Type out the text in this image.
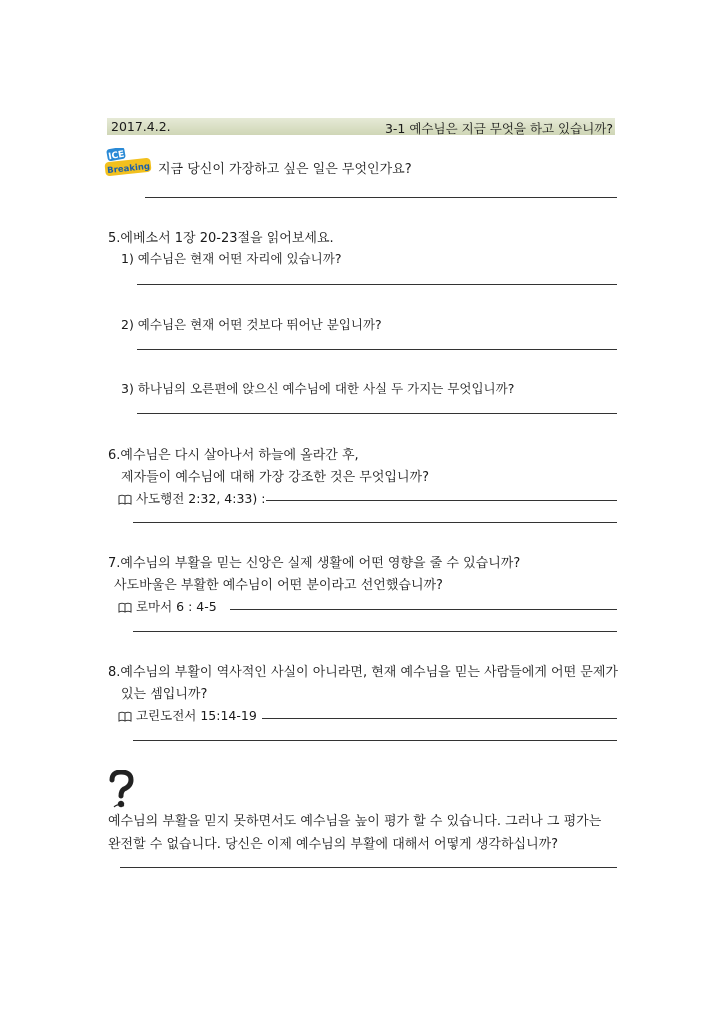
2017.4.2.	3-1 예수님은 지금 무엇을 하고 있습니까?
ICE
Breaking 지금 당신이 가장하고 싶은 일은 무엇인가요?
5.에베소서 1장 20-23절을 읽어보세요.
1) 예수님은 현재 어떤 자리에 있습니까?
2) 예수님은 현재 어떤 것보다 뛰어난 분입니까?
3) 하나님의 오른편에 앉으신 예수님에 대한 사실 두 가지는 무엇입니까?
6.예수님은 다시 살아나서 하늘에 올라간 후,
제자들이 예수님에 대해 가장 강조한 것은 무엇입니까?
사도행전 2:32, 4:33) :
7.예수님의 부활을 믿는 신앙은 실제 생활에 어떤 영향을 줄 수 있습니까?
사도바울은 부활한 예수님이 어떤 분이라고 선언했습니까?
로마서 6 : 4-5
8.예수님의 부활이 역사적인 사실이 아니라면, 현재 예수님을 믿는 사람들에게 어떤 문제가
있는 셈입니까?
고린도전서 15:14-19
예수님의 부활을 믿지 못하면서도 예수님을 높이 평가 할 수 있습니다. 그러나 그 평가는
완전할 수 없습니다. 당신은 이제 예수님의 부활에 대해서 어떻게 생각하십니까?
